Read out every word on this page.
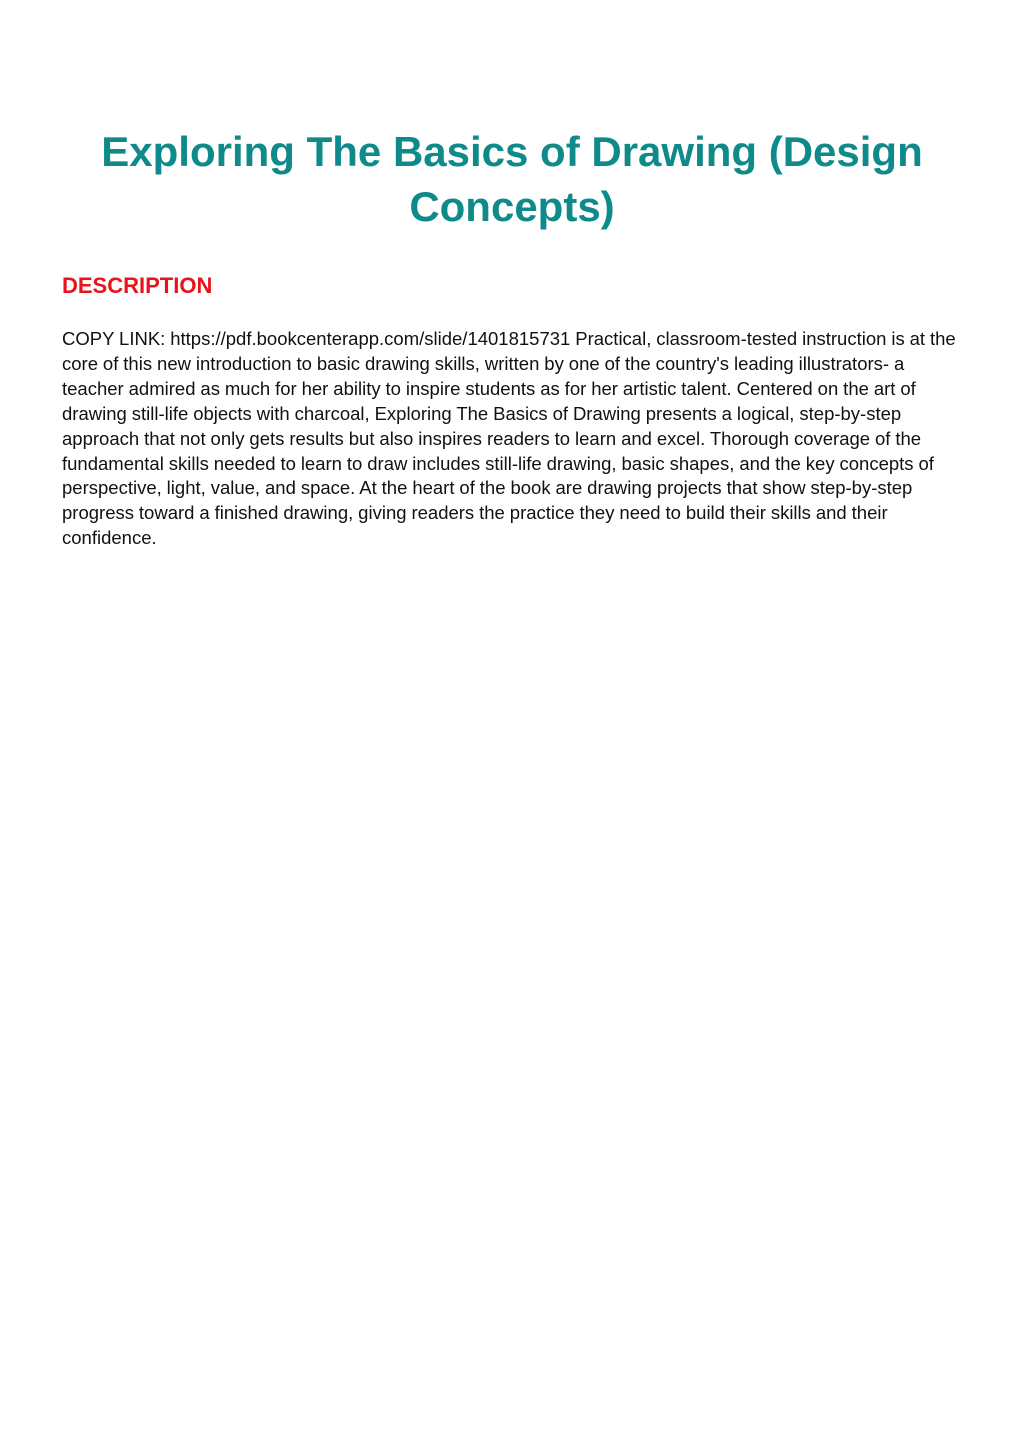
Exploring The Basics of Drawing (Design Concepts)
DESCRIPTION

COPY LINK: https://pdf.bookcenterapp.com/slide/1401815731 Practical, classroom-tested instruction is at the core of this new introduction to basic drawing skills, written by one of the country's leading illustrators- a teacher admired as much for her ability to inspire students as for her artistic talent. Centered on the art of drawing still-life objects with charcoal, Exploring The Basics of Drawing presents a logical, step-by-step approach that not only gets results but also inspires readers to learn and excel. Thorough coverage of the fundamental skills needed to learn to draw includes still-life drawing, basic shapes, and the key concepts of perspective, light, value, and space. At the heart of the book are drawing projects that show step-by-step progress toward a finished drawing, giving readers the practice they need to build their skills and their confidence.
